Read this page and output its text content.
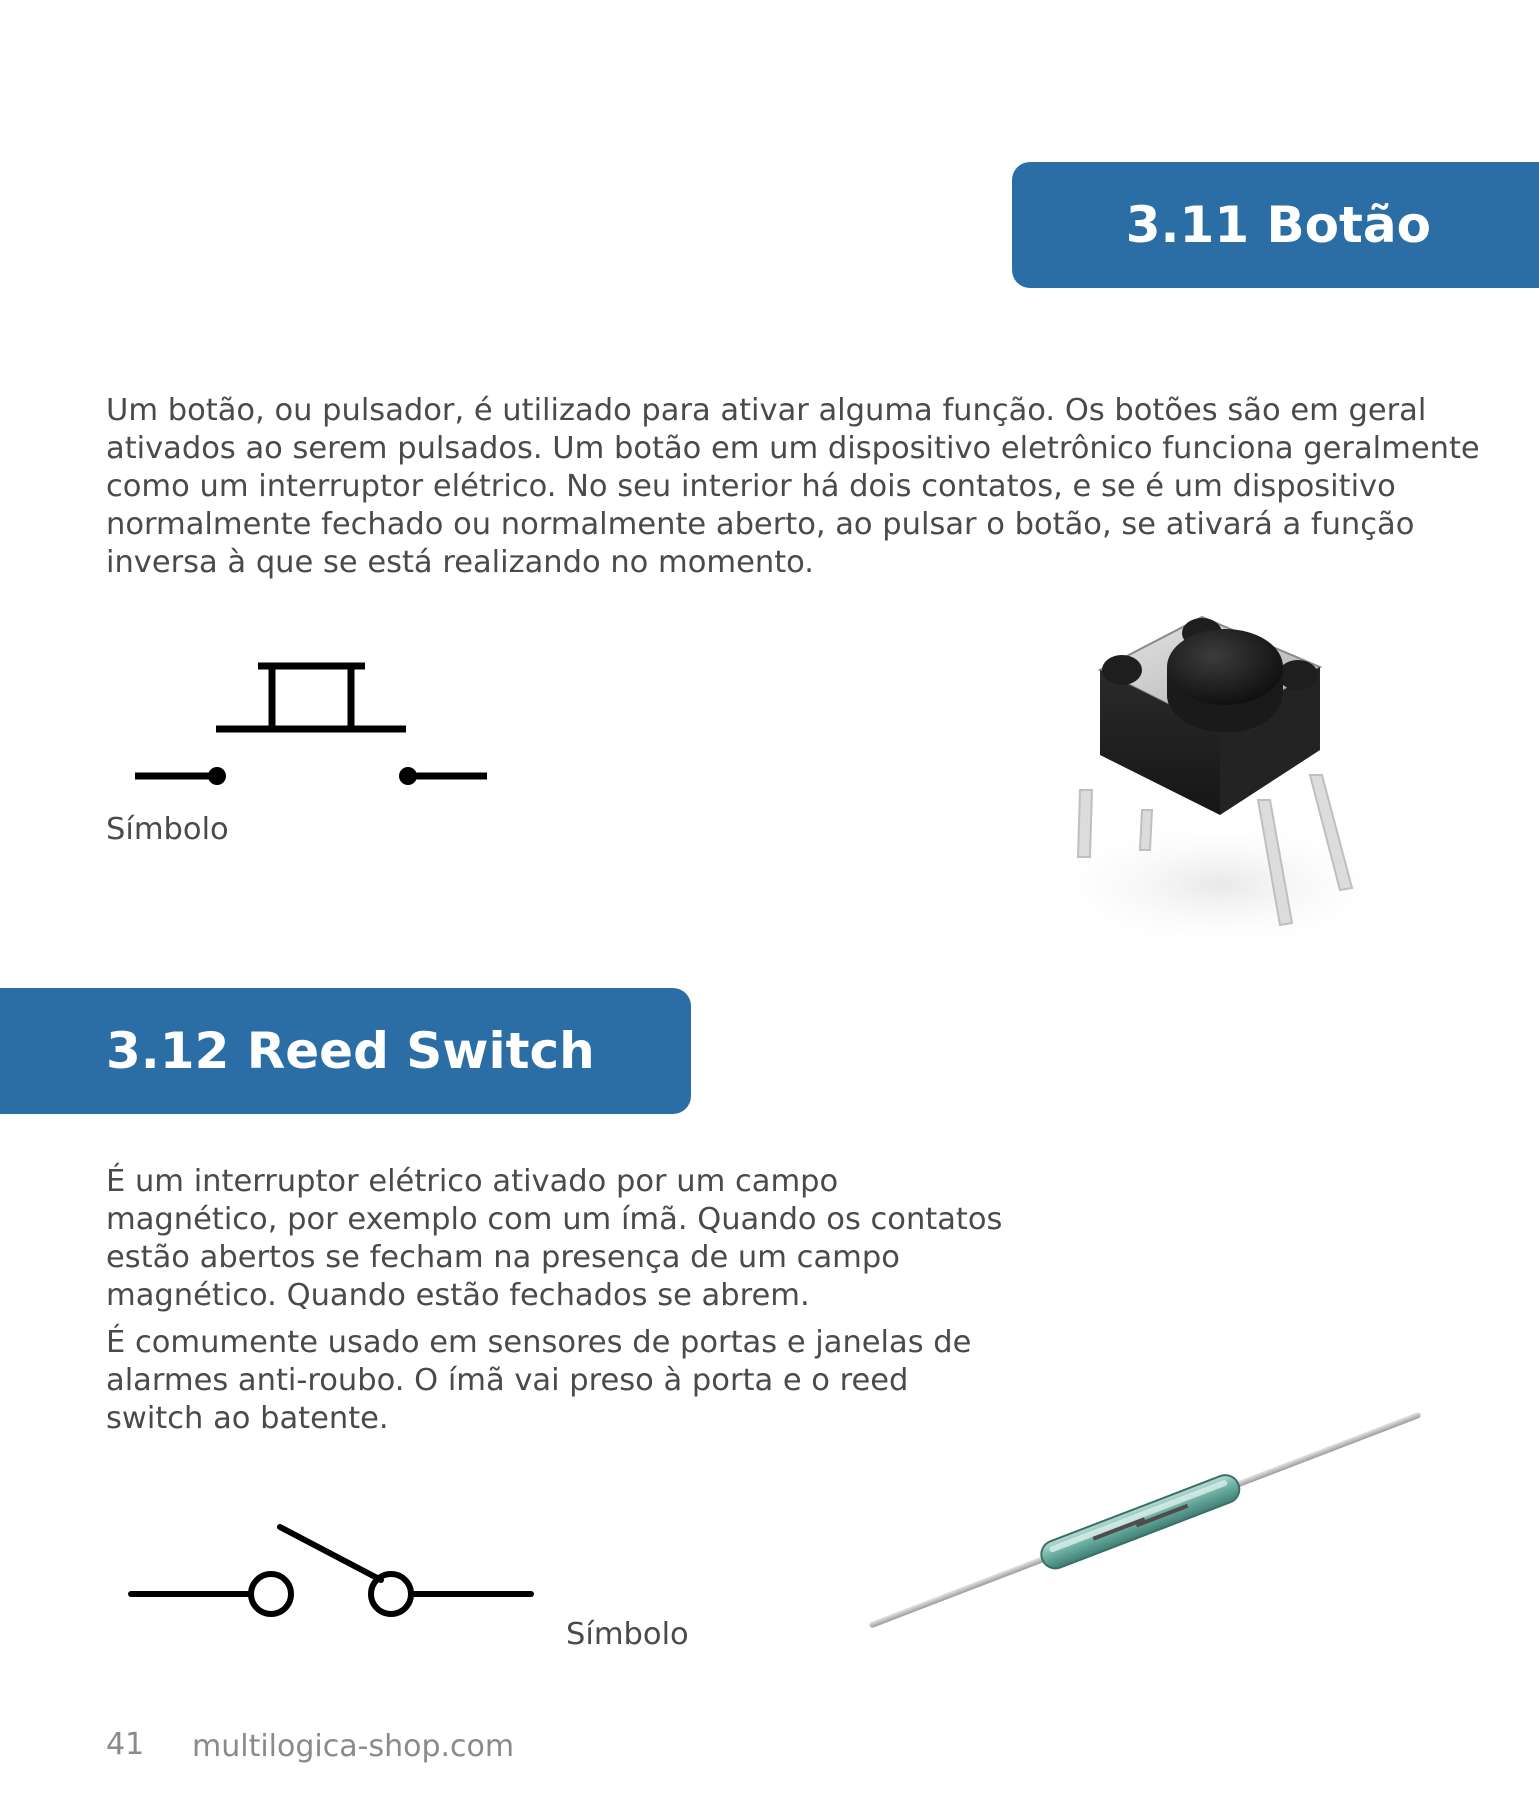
3.11 Botão

Um botão, ou pulsador, é utilizado para ativar alguma função. Os botões são em geral ativados ao serem pulsados. Um botão em um dispositivo eletrônico funciona geralmente como um interruptor elétrico. No seu interior há dois contatos, e se é um dispositivo normalmente fechado ou normalmente aberto, ao pulsar o botão, se ativará a função inversa à que se está realizando no momento.

Símbolo

3.12 Reed Switch

É um interruptor elétrico ativado por um campo magnético, por exemplo com um ímã. Quando os contatos estão abertos se fecham na presença de um campo magnético. Quando estão fechados se abrem.

É comumente usado em sensores de portas e janelas de alarmes anti-roubo. O ímã vai preso à porta e o reed switch ao batente.

Símbolo

41 multilogica-shop.com
